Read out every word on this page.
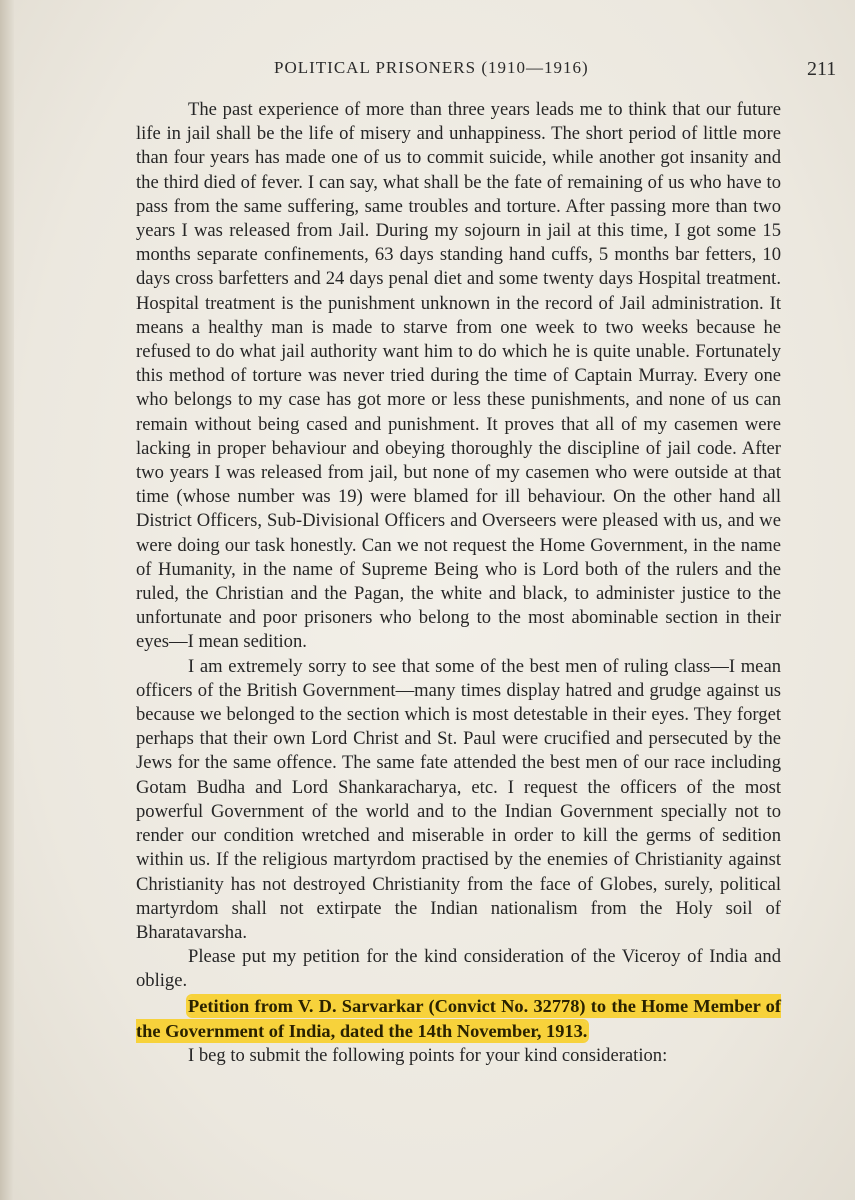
POLITICAL PRISONERS (1910—1916)	211

The past experience of more than three years leads me to think that our future life in jail shall be the life of misery and unhappiness. The short period of little more than four years has made one of us to commit suicide, while another got insanity and the third died of fever. I can say, what shall be the fate of remaining of us who have to pass from the same suffering, same troubles and torture. After passing more than two years I was released from Jail. During my sojourn in jail at this time, I got some 15 months separate confinements, 63 days standing hand cuffs, 5 months bar fetters, 10 days cross barfetters and 24 days penal diet and some twenty days Hospital treatment. Hospital treatment is the punishment unknown in the record of Jail administration. It means a healthy man is made to starve from one week to two weeks because he refused to do what jail authority want him to do which he is quite unable. Fortunately this method of torture was never tried during the time of Captain Murray. Every one who belongs to my case has got more or less these punishments, and none of us can remain without being cased and punishment. It proves that all of my casemen were lacking in proper behaviour and obeying thoroughly the discipline of jail code. After two years I was released from jail, but none of my casemen who were outside at that time (whose number was 19) were blamed for ill behaviour. On the other hand all District Officers, Sub-Divisional Officers and Overseers were pleased with us, and we were doing our task honestly. Can we not request the Home Government, in the name of Humanity, in the name of Supreme Being who is Lord both of the rulers and the ruled, the Christian and the Pagan, the white and black, to administer justice to the unfortunate and poor prisoners who belong to the most abominable section in their eyes—I mean sedition.

I am extremely sorry to see that some of the best men of ruling class—I mean officers of the British Government—many times display hatred and grudge against us because we belonged to the section which is most detestable in their eyes. They forget perhaps that their own Lord Christ and St. Paul were crucified and persecuted by the Jews for the same offence. The same fate attended the best men of our race including Gotam Budha and Lord Shankaracharya, etc. I request the officers of the most powerful Government of the world and to the Indian Government specially not to render our condition wretched and miserable in order to kill the germs of sedition within us. If the religious martyrdom practised by the enemies of Christianity against Christianity has not destroyed Christianity from the face of Globes, surely, political martyrdom shall not extirpate the Indian nationalism from the Holy soil of Bharatavarsha.

Please put my petition for the kind consideration of the Viceroy of India and oblige.

Petition from V. D. Sarvarkar (Convict No. 32778) to the Home Member of the Government of India, dated the 14th November, 1913.

I beg to submit the following points for your kind consideration:
